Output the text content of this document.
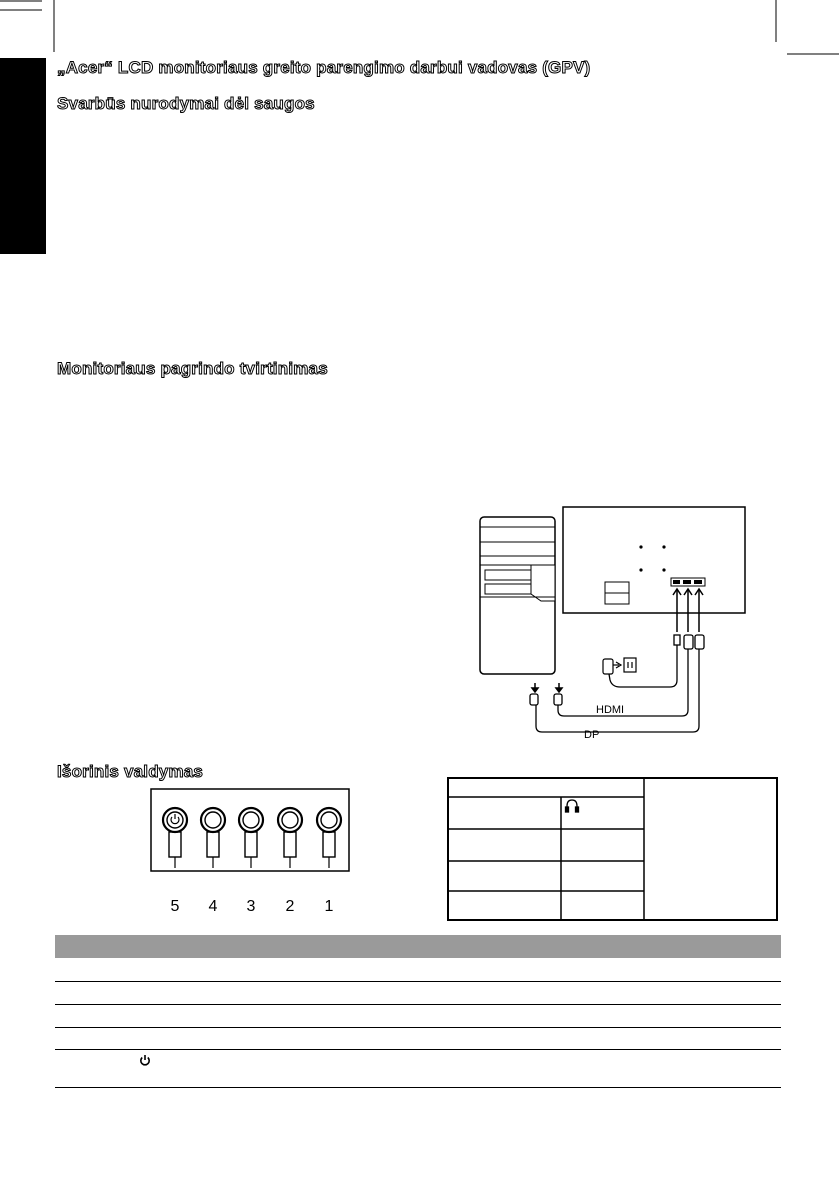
„Acer“ LCD monitoriaus greito parengimo darbui vadovas (GPV)
Svarbūs nurodymai dėl saugos
Monitoriaus pagrindo tvirtinimas
Išorinis valdymas
HDMI
DP
5 4 3 2 1
